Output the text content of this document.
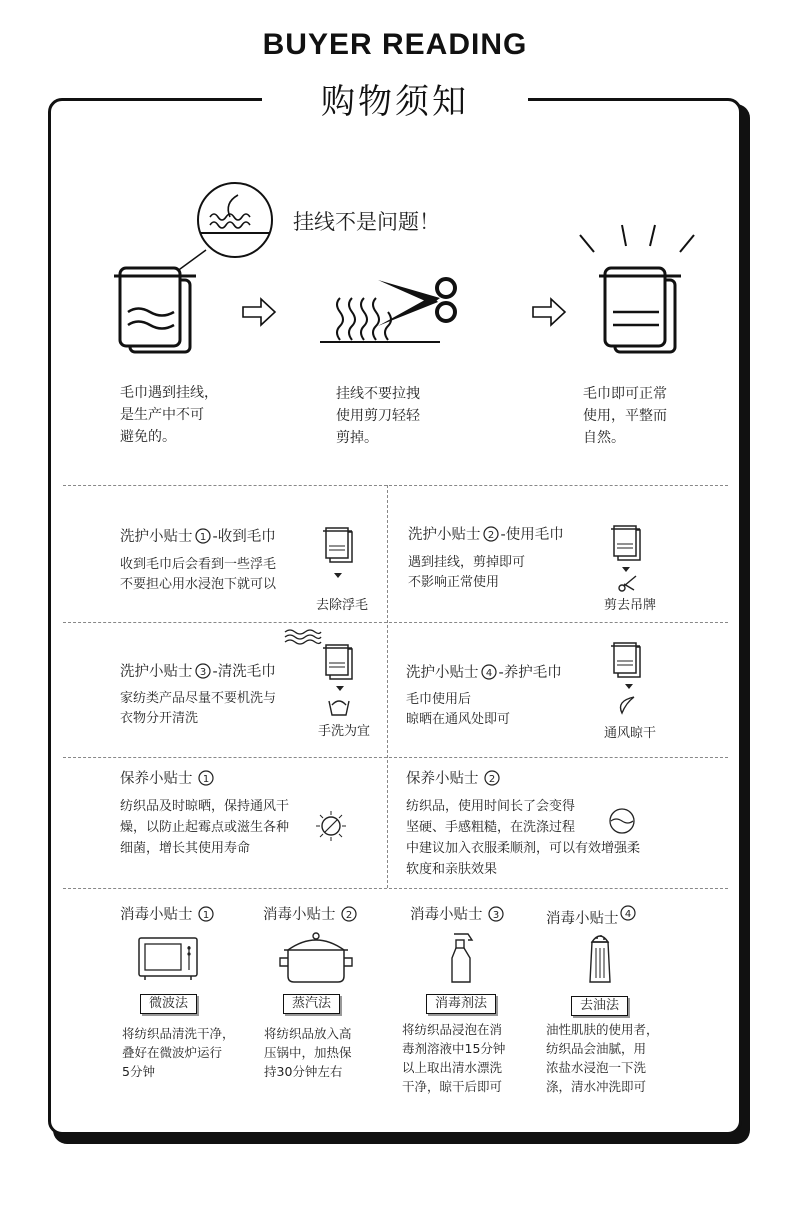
BUYER READING
购物须知
挂线不是问题！
毛巾遇到挂线，
是生产中不可
避免的。
挂线不要拉拽
使用剪刀轻轻
剪掉。
毛巾即可正常
使用，平整而
自然。
洗护小贴士 1 -收到毛巾
收到毛巾后会看到一些浮毛
不要担心用水浸泡下就可以
去除浮毛
洗护小贴士 2 -使用毛巾
遇到挂线，剪掉即可
不影响正常使用
剪去吊牌
洗护小贴士 3 -清洗毛巾
家纺类产品尽量不要机洗与
衣物分开清洗
手洗为宜
洗护小贴士 4 -养护毛巾
毛巾使用后
晾晒在通风处即可
通风晾干
保养小贴士 1
纺织品及时晾晒，保持通风干
燥，以防止起霉点或滋生各种
细菌，增长其使用寿命
保养小贴士 2
纺织品，使用时间长了会变得
坚硬、手感粗糙，在洗涤过程
中建议加入衣服柔顺剂，可以有效增强柔
软度和亲肤效果
消毒小贴士 1
微波法
将纺织品清洗干净，
叠好在微波炉运行
5分钟
消毒小贴士 2
蒸汽法
将纺织品放入高
压锅中，加热保
持30分钟左右
消毒小贴士 3
消毒剂法
将纺织品浸泡在消
毒剂溶液中15分钟
以上取出清水漂洗
干净，晾干后即可
消毒小贴士 4
去油法
油性肌肤的使用者，
纺织品会油腻，用
浓盐水浸泡一下洗
涤，清水冲洗即可
